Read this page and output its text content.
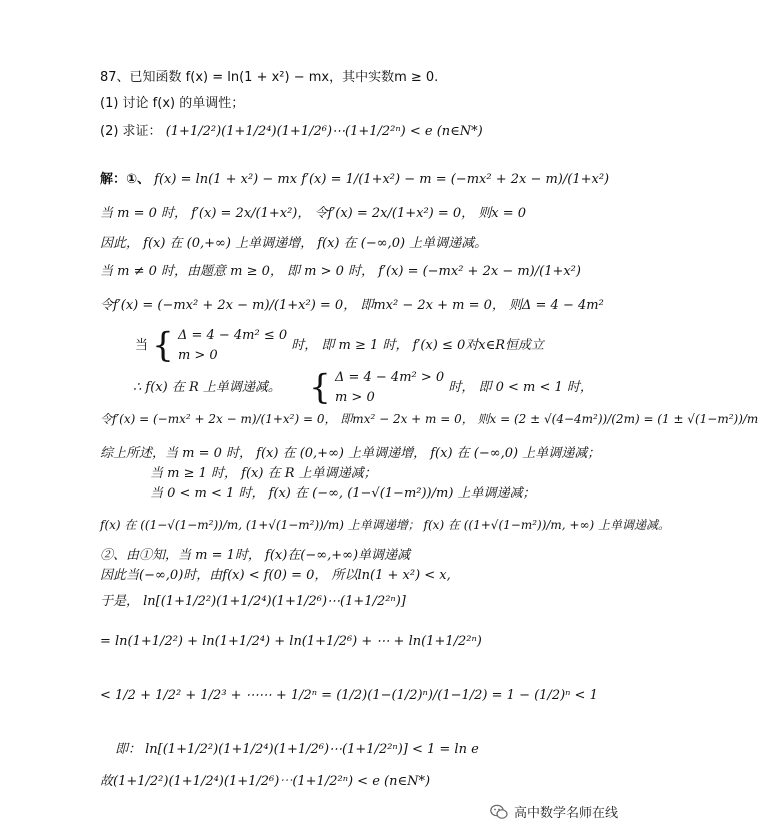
87、已知函数 f(x) = ln(1 + x²) − mx，其中实数m ≥ 0.
(1) 讨论 f(x) 的单调性；
(2) 求证： (1+1/2²)(1+1/2⁴)(1+1/2⁶)⋯(1+1/2²ⁿ) < e (n∈N*)
解：①、 f(x) = ln(1 + x²) − mx f′(x) = 1/(1+x²) − m = (−mx² + 2x − m)/(1+x²)
当 m = 0 时， f′(x) = 2x/(1+x²)， 令f′(x) = 2x/(1+x²) = 0， 则x = 0
因此， f(x) 在 (0,+∞) 上单调递增， f(x) 在 (−∞,0) 上单调递减。
当 m ≠ 0 时，由题意 m ≥ 0， 即 m > 0 时， f′(x) = (−mx² + 2x − m)/(1+x²)
令f′(x) = (−mx² + 2x − m)/(1+x²) = 0， 即mx² − 2x + m = 0， 则Δ = 4 − 4m²
当 { Δ = 4 − 4m² ≤ 0
m > 0
时， 即 m ≥ 1 时， f′(x) ≤ 0对x∈R恒成立
∴ f(x) 在 R 上单调递减。 { Δ = 4 − 4m² > 0
m > 0
时， 即 0 < m < 1 时，
令f′(x) = (−mx² + 2x − m)/(1+x²) = 0， 即mx² − 2x + m = 0， 则x = (2 ± √(4−4m²))/(2m) = (1 ± √(1−m²))/m
综上所述，当 m = 0 时， f(x) 在 (0,+∞) 上单调递增， f(x) 在 (−∞,0) 上单调递减；
当 m ≥ 1 时， f(x) 在 R 上单调递减；
当 0 < m < 1 时， f(x) 在 (−∞, (1−√(1−m²))/m) 上单调递减；
f(x) 在 ((1−√(1−m²))/m, (1+√(1−m²))/m) 上单调递增； f(x) 在 ((1+√(1−m²))/m, +∞) 上单调递减。
②、由①知，当 m = 1时， f(x)在(−∞,+∞)单调递减
因此当(−∞,0)时，由f(x) < f(0) = 0， 所以ln(1 + x²) < x,
于是， ln[(1+1/2²)(1+1/2⁴)(1+1/2⁶)⋯(1+1/2²ⁿ)]
= ln(1+1/2²) + ln(1+1/2⁴) + ln(1+1/2⁶) + ⋯ + ln(1+1/2²ⁿ)
< 1/2 + 1/2² + 1/2³ + ⋯⋯ + 1/2ⁿ = (1/2)(1−(1/2)ⁿ)/(1−1/2) = 1 − (1/2)ⁿ < 1
即： ln[(1+1/2²)(1+1/2⁴)(1+1/2⁶)⋯(1+1/2²ⁿ)] < 1 = ln e
故(1+1/2²)(1+1/2⁴)(1+1/2⁶)⋯(1+1/2²ⁿ) < e (n∈N*)
高中数学名师在线
